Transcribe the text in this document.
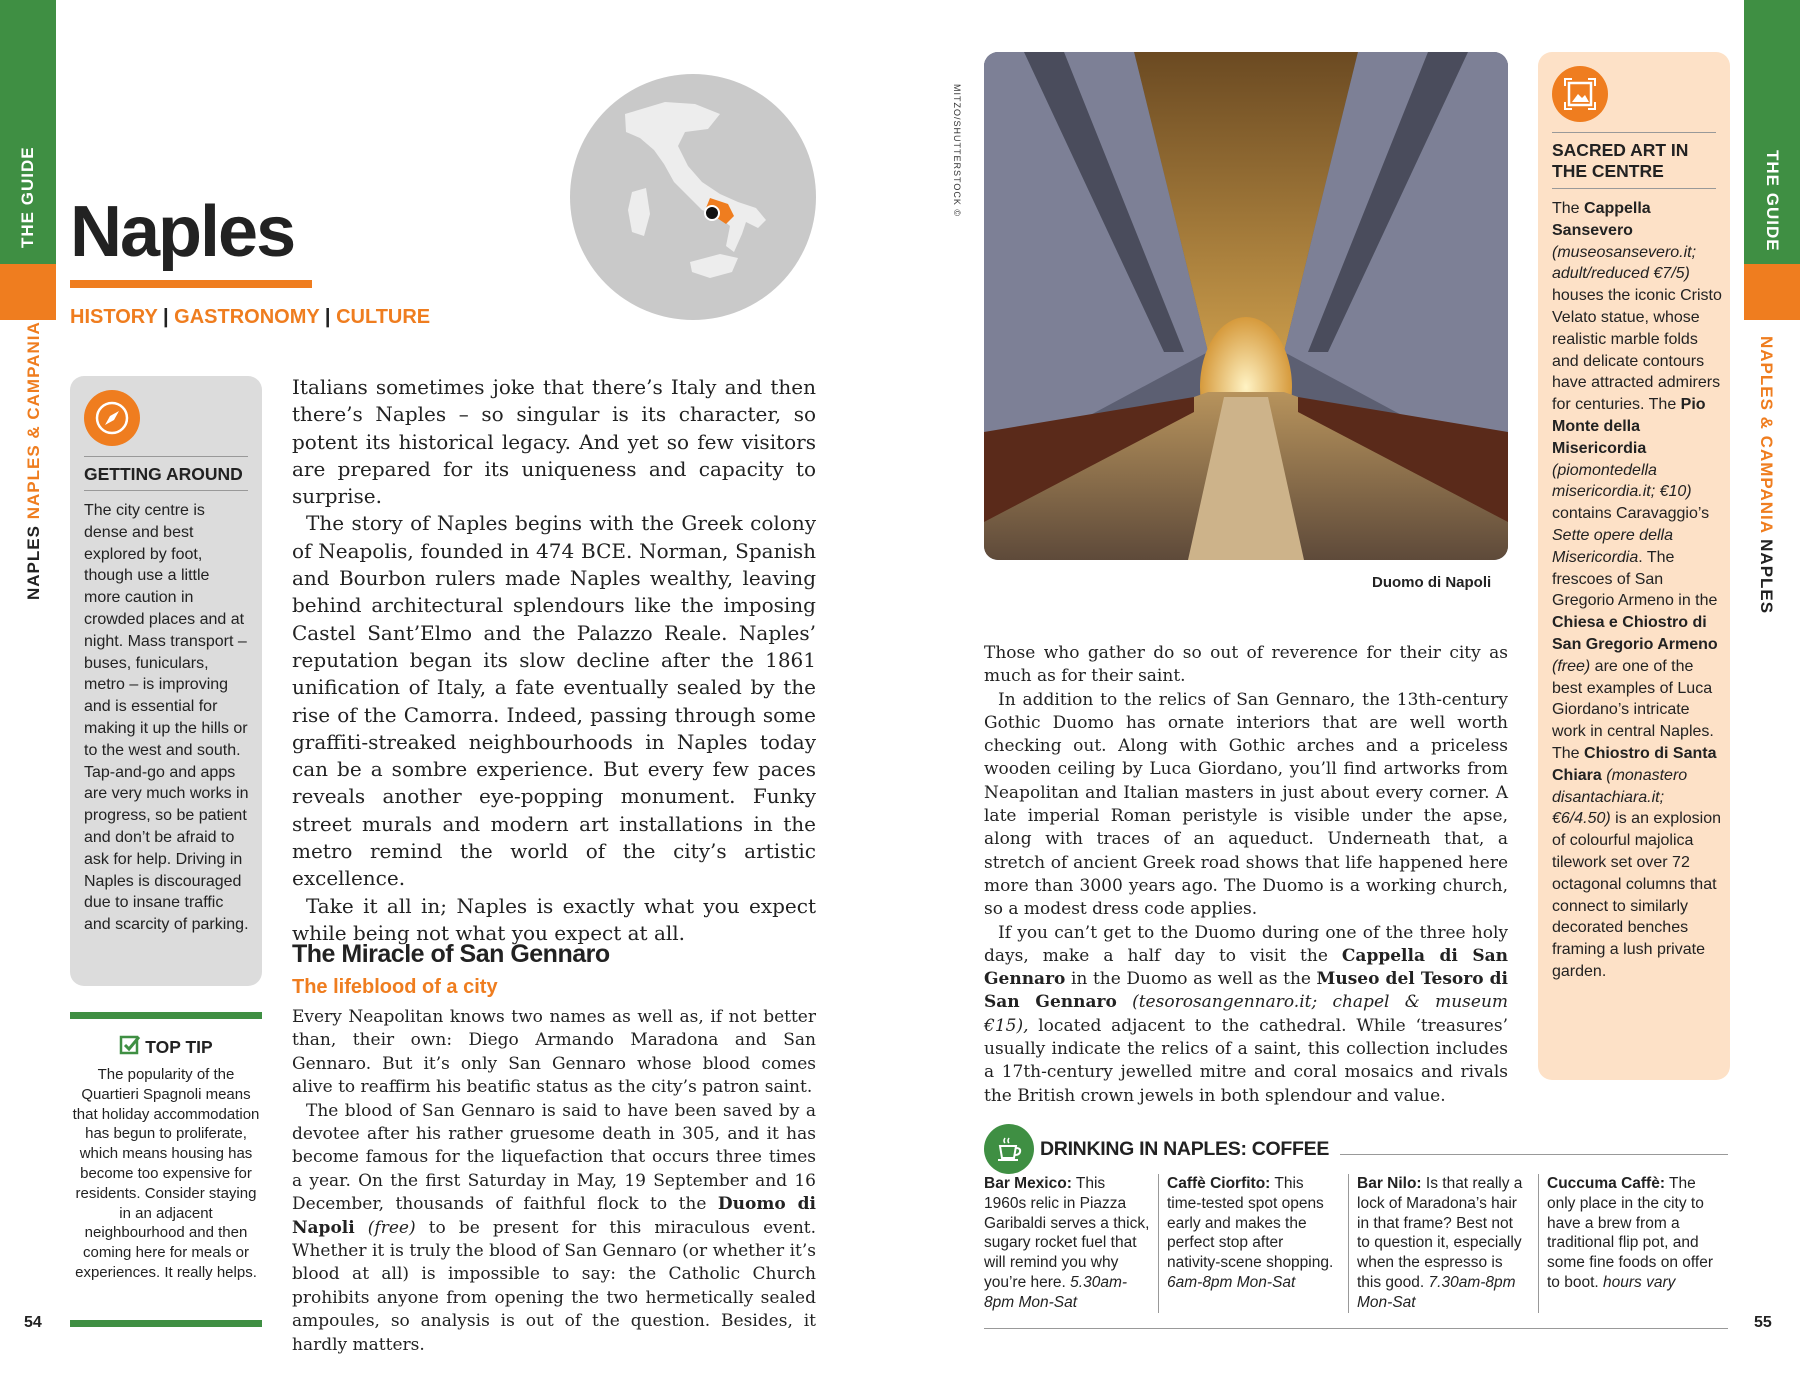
THE GUIDE
NAPLES NAPLES & CAMPANIA
54
THE GUIDE
NAPLES & CAMPANIA NAPLES
55
Naples
HISTORY | GASTRONOMY | CULTURE
GETTING AROUND
The city centre is dense and best explored by foot, though use a little more caution in crowded places and at night. Mass transport – buses, funiculars, metro – is improving and is essential for making it up the hills or to the west and south. Tap-and-go and apps are very much works in progress, so be patient and don’t be afraid to ask for help. Driving in Naples is discouraged due to insane traffic and scarcity of parking.
TOP TIP
The popularity of the Quartieri Spagnoli means that holiday accommodation has begun to proliferate, which means housing has become too expensive for residents. Consider staying in an adjacent neighbourhood and then coming here for meals or experiences. It really helps.

Italians sometimes joke that there’s Italy and then there’s Naples – so singular is its character, so potent its historical legacy. And yet so few visitors are prepared for its uniqueness and capacity to surprise.

The story of Naples begins with the Greek colony of Neapolis, founded in 474 BCE. Norman, Spanish and Bourbon rulers made Naples wealthy, leaving behind architectural splendours like the imposing Castel Sant’Elmo and the Palazzo Reale. Naples’ reputation began its slow decline after the 1861 unification of Italy, a fate eventually sealed by the rise of the Camorra. Indeed, passing through some graffiti-streaked neighbourhoods in Naples today can be a sombre experience. But every few paces reveals another eye-popping monument. Funky street murals and modern art installations in the metro remind the world of the city’s artistic excellence.

Take it all in; Naples is exactly what you expect while being not what you expect at all.

The Miracle of San Gennaro
The lifeblood of a city

Every Neapolitan knows two names as well as, if not better than, their own: Diego Armando Maradona and San Gennaro. But it’s only San Gennaro whose blood comes alive to reaffirm his beatific status as the city’s patron saint.

The blood of San Gennaro is said to have been saved by a devotee after his rather gruesome death in 305, and it has become famous for the liquefaction that occurs three times a year. On the first Saturday in May, 19 September and 16 December, thousands of faithful flock to the Duomo di Napoli (free) to be present for this miraculous event. Whether it is truly the blood of San Gennaro (or whether it’s blood at all) is impossible to say: the Catholic Church prohibits anyone from opening the two hermetically sealed ampoules, so analysis is out of the question. Besides, it hardly matters.

MITZO/SHUTTERSTOCK ©
Duomo di Napoli

Those who gather do so out of reverence for their city as much as for their saint.

In addition to the relics of San Gennaro, the 13th-century Gothic Duomo has ornate interiors that are well worth checking out. Along with Gothic arches and a priceless wooden ceiling by Luca Giordano, you’ll find artworks from Neapolitan and Italian masters in just about every corner. A late imperial Roman peristyle is visible under the apse, along with traces of an aqueduct. Underneath that, a stretch of ancient Greek road shows that life happened here more than 3000 years ago. The Duomo is a working church, so a modest dress code applies.

If you can’t get to the Duomo during one of the three holy days, make a half day to visit the Cappella di San Gennaro in the Duomo as well as the Museo del Tesoro di San Gennaro (tesorosangennaro.it; chapel & museum €15), located adjacent to the cathedral. While ‘treasures’ usually indicate the relics of a saint, this collection includes a 17th-century jewelled mitre and coral mosaics and rivals the British crown jewels in both splendour and value.

SACRED ART IN THE CENTRE
The Cappella Sansevero (museosansevero.it; adult/reduced €7/5) houses the iconic Cristo Velato statue, whose realistic marble folds and delicate contours have attracted admirers for centuries. The Pio Monte della Misericordia (piomontedella misericordia.it; €10) contains Caravaggio’s Sette opere della Misericordia. The frescoes of San Gregorio Armeno in the Chiesa e Chiostro di San Gregorio Armeno (free) are one of the best examples of Luca Giordano’s intricate work in central Naples. The Chiostro di Santa Chiara (monastero disantachiara.it; €6/4.50) is an explosion of colourful majolica tilework set over 72 octagonal columns that connect to similarly decorated benches framing a lush private garden.
DRINKING IN NAPLES: COFFEE
Bar Mexico: This 1960s relic in Piazza Garibaldi serves a thick, sugary rocket fuel that will remind you why you’re here. 5.30am-8pm Mon-Sat
Caffè Ciorfito: This time-tested spot opens early and makes the perfect stop after nativity-scene shopping. 6am-8pm Mon-Sat
Bar Nilo: Is that really a lock of Maradona’s hair in that frame? Best not to question it, especially when the espresso is this good. 7.30am-8pm Mon-Sat
Cuccuma Caffè: The only place in the city to have a brew from a traditional flip pot, and some fine foods on offer to boot. hours vary
